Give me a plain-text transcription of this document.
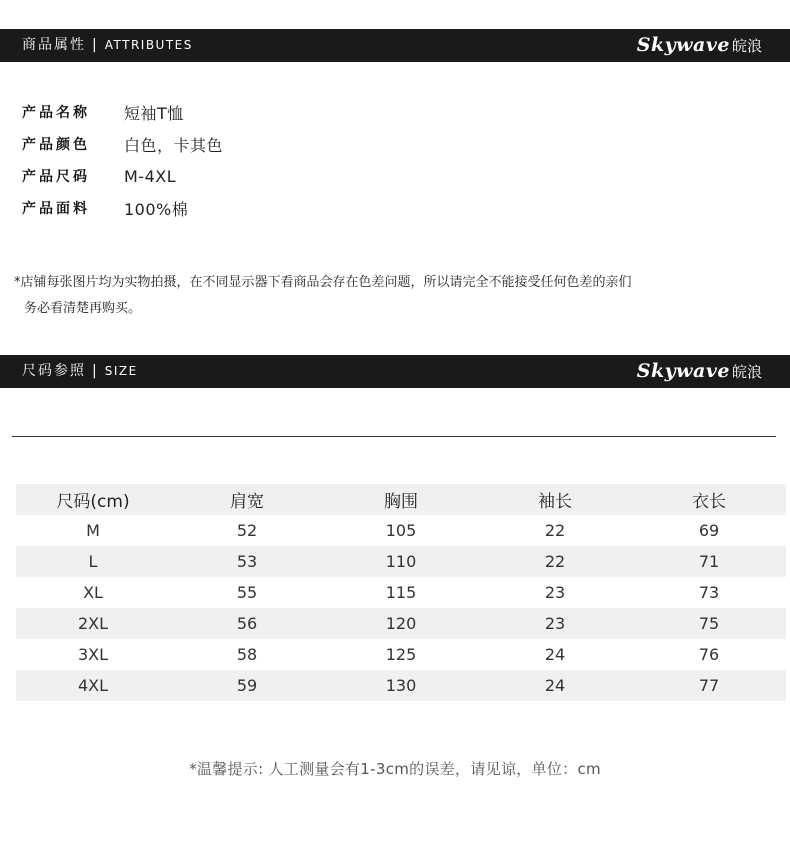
商品属性 | ATTRIBUTES	Skywave 皖浪
产品名称	短袖T恤
产品颜色	白色，卡其色
产品尺码	M-4XL
产品面料	100%棉
*店铺每张图片均为实物拍摄，在不同显示器下看商品会存在色差问题，所以请完全不能接受任何色差的亲们
务必看清楚再购买。
尺码参照 | SIZE	Skywave 皖浪
尺码(cm)	肩宽	胸围	袖长	衣长
M	52	105	22	69
L	53	110	22	71
XL	55	115	23	73
2XL	56	120	23	75
3XL	58	125	24	76
4XL	59	130	24	77
*温馨提示: 人工测量会有1-3cm的误差，请见谅，单位：cm
